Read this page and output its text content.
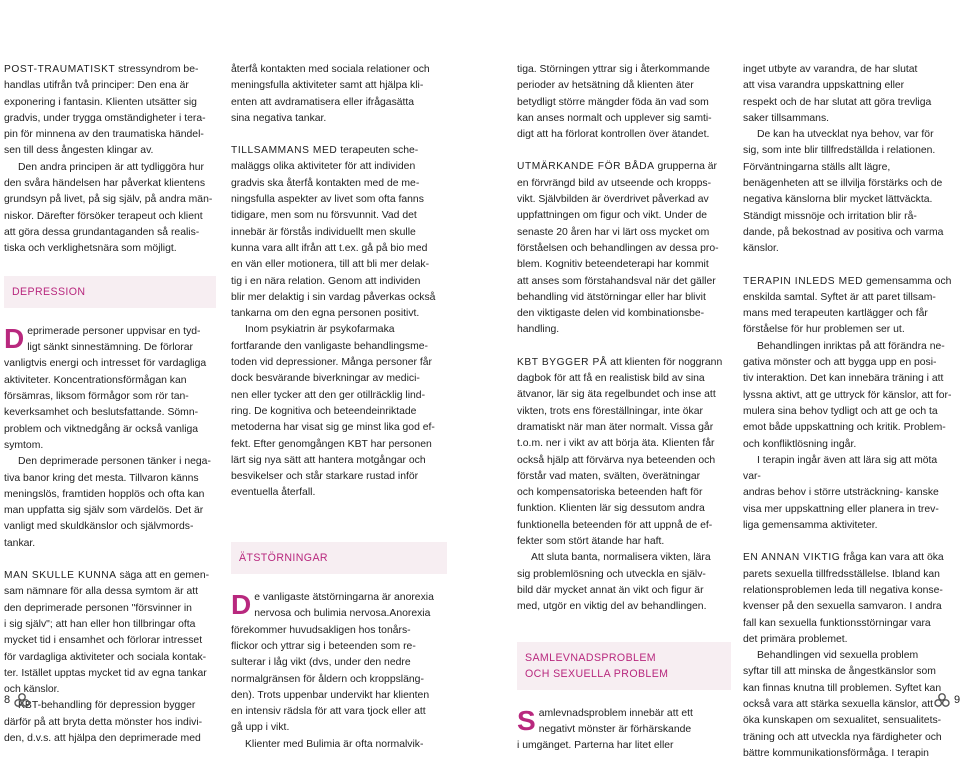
POST-TRAUMATISKT stressyndrom be-
handlas utifrån två principer: Den ena är
exponering i fantasin. Klienten utsätter sig
gradvis, under trygga omständigheter i tera-
pin för minnena av den traumatiska händel-
sen till dess ångesten klingar av.

Den andra principen är att tydliggöra hur
den svåra händelsen har påverkat klientens
grundsyn på livet, på sig själv, på andra män-
niskor. Därefter försöker terapeut och klient
att göra dessa grundantaganden så realis-
tiska och verklighetsnära som möjligt.

DEPRESSION

D eprimerade personer uppvisar en tyd-
ligt sänkt sinnestämning. De förlorar

vanligtvis energi och intresset för vardagliga
aktiviteter. Koncentrationsförmågan kan
försämras, liksom förmågor som rör tan-
keverksamhet och beslutsfattande. Sömn-
problem och viktnedgång är också vanliga
symtom.

Den deprimerade personen tänker i nega-
tiva banor kring det mesta. Tillvaron känns
meningslös, framtiden hopplös och ofta kan
man uppfatta sig själv som värdelös. Det är
vanligt med skuldkänslor och självmords-
tankar.

MAN SKULLE KUNNA säga att en gemen-
sam nämnare för alla dessa symtom är att
den deprimerade personen "försvinner in
i sig själv"; att han eller hon tillbringar ofta
mycket tid i ensamhet och förlorar intresset
för vardagliga aktiviteter och sociala kontak-
ter. Istället upptas mycket tid av egna tankar
och känslor.

KBT-behandling för depression bygger
därför på att bryta detta mönster hos indivi-
den, d.v.s. att hjälpa den deprimerade med

återfå kontakten med sociala relationer och
meningsfulla aktiviteter samt att hjälpa kli-
enten att avdramatisera eller ifrågasätta
sina negativa tankar.

TILLSAMMANS MED terapeuten sche-
maläggs olika aktiviteter för att individen
gradvis ska återfå kontakten med de me-
ningsfulla aspekter av livet som ofta fanns
tidigare, men som nu försvunnit. Vad det
innebär är förstås individuellt men skulle
kunna vara allt ifrån att t.ex. gå på bio med
en vän eller motionera, till att bli mer delak-
tig i en nära relation. Genom att individen
blir mer delaktig i sin vardag påverkas också
tankarna om den egna personen positivt.

Inom psykiatrin är psykofarmaka
fortfarande den vanligaste behandlingsme-
toden vid depressioner. Många personer får
dock besvärande biverkningar av medici-
nen eller tycker att den ger otillräcklig lind-
ring. De kognitiva och beteendeinriktade
metoderna har visat sig ge minst lika god ef-
fekt. Efter genomgången KBT har personen
lärt sig nya sätt att hantera motgångar och
besvikelser och står starkare rustad inför
eventuella återfall.

ÄTSTÖRNINGAR

D e vanligaste ätstörningarna är anorexia
nervosa och bulimia nervosa.Anorexia

förekommer huvudsakligen hos tonårs-
flickor och yttrar sig i beteenden som re-
sulterar i låg vikt (dvs, under den nedre
normalgränsen för åldern och kroppsläng-
den). Trots uppenbar undervikt har klienten
en intensiv rädsla för att vara tjock eller att
gå upp i vikt.

Klienter med Bulimia är ofta normalvik-

tiga. Störningen yttrar sig i återkommande
perioder av hetsätning då klienten äter
betydligt större mängder föda än vad som
kan anses normalt och upplever sig samti-
digt att ha förlorat kontrollen över ätandet.

UTMÄRKANDE FÖR BÅDA grupperna är
en förvrängd bild av utseende och kropps-
vikt. Självbilden är överdrivet påverkad av
uppfattningen om figur och vikt. Under de
senaste 20 åren har vi lärt oss mycket om
förståelsen och behandlingen av dessa pro-
blem. Kognitiv beteendeterapi har kommit
att anses som förstahandsval när det gäller
behandling vid ätstörningar eller har blivit
den viktigaste delen vid kombinationsbe-
handling.

KBT BYGGER PÅ att klienten för noggrann
dagbok för att få en realistisk bild av sina
ätvanor, lär sig äta regelbundet och inse att
vikten, trots ens föreställningar, inte ökar
dramatiskt när man äter normalt. Vissa går
t.o.m. ner i vikt av att börja äta. Klienten får
också hjälp att förvärva nya beteenden och
förstår vad maten, svälten, överätningar
och kompensatoriska beteenden haft för
funktion. Klienten lär sig dessutom andra
funktionella beteenden för att uppnå de ef-
fekter som stört ätande har haft.

Att sluta banta, normalisera vikten, lära
sig problemlösning och utveckla en själv-
bild där mycket annat än vikt och figur är
med, utgör en viktig del av behandlingen.

SAMLEVNADSPROBLEM
OCH SEXUELLA PROBLEM

S amlevnadsproblem innebär att ett
negativt mönster är förhärskande

i umgänget. Parterna har litet eller

inget utbyte av varandra, de har slutat
att visa varandra uppskattning eller
respekt och de har slutat att göra trevliga
saker tillsammans.

De kan ha utvecklat nya behov, var för
sig, som inte blir tillfredställda i relationen.
Förväntningarna ställs allt lägre,
benägenheten att se illvilja förstärks och de
negativa känslorna blir mycket lättväckta.
Ständigt missnöje och irritation blir rå-
dande, på bekostnad av positiva och varma
känslor.

TERAPIN INLEDS MED gemensamma och
enskilda samtal. Syftet är att paret tillsam-
mans med terapeuten kartlägger och får
förståelse för hur problemen ser ut.

Behandlingen inriktas på att förändra ne-
gativa mönster och att bygga upp en posi-
tiv interaktion. Det kan innebära träning i att
lyssna aktivt, att ge uttryck för känslor, att for-
mulera sina behov tydligt och att ge och ta
emot både uppskattning och kritik. Problem-
och konfliktlösning ingår.

I terapin ingår även att lära sig att möta var-
andras behov i större utsträckning- kanske
visa mer uppskattning eller planera in trev-
liga gemensamma aktiviteter.

EN ANNAN VIKTIG fråga kan vara att öka
parets sexuella tillfredsställelse. Ibland kan
relationsproblemen leda till negativa konse-
kvenser på den sexuella samvaron. I andra
fall kan sexuella funktionsstörningar vara
det primära problemet.

Behandlingen vid sexuella problem
syftar till att minska de ångestkänslor som
kan finnas knutna till problemen. Syftet kan
också vara att stärka sexuella känslor, att
öka kunskapen om sexualitet, sensualitets-
träning och att utveckla nya färdigheter och
bättre kommunikationsförmåga. I terapin

8	9
